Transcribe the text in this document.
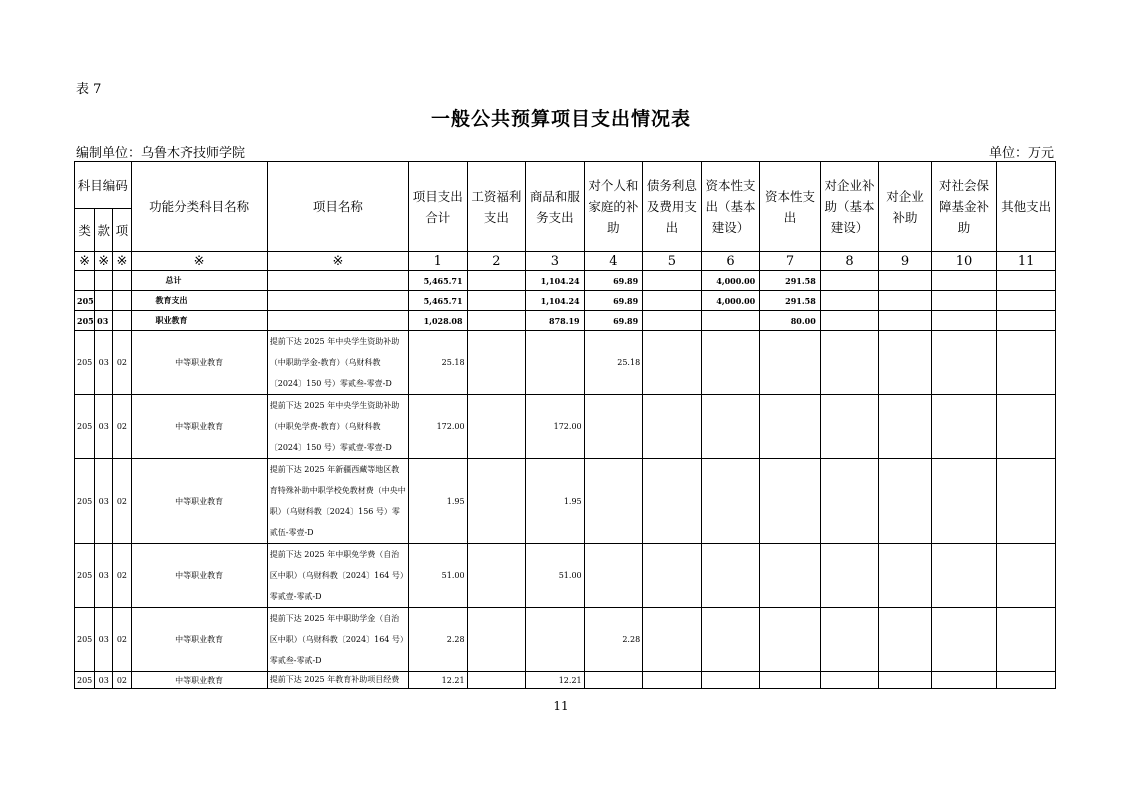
表 7
一般公共预算项目支出情况表
编制单位：乌鲁木齐技师学院	单位：万元
科目编码			功能分类科目名称	项目名称	项目支出合计	工资福利支出	商品和服务支出	对个人和家庭的补助	债务利息及费用支出	资本性支出（基本建设）	资本性支出	对企业补助（基本建设）	对企业补助	对社会保障基金补助	其他支出
类	款	项													
※	※	※	※	※	1	2	3	4	5	6	7	8	9	10	11
			总计		5,465.71		1,104.24	69.89		4,000.00	291.58				
205			教育支出		5,465.71		1,104.24	69.89		4,000.00	291.58				
205	03		职业教育		1,028.08		878.19	69.89			80.00				
205	03	02	中等职业教育	提前下达 2025 年中央学生资助补助（中职助学金-教育）（乌财科教〔2024〕150 号）零贰叁-零壹-D	25.18			25.18							
205	03	02	中等职业教育	提前下达 2025 年中央学生资助补助（中职免学费-教育）（乌财科教〔2024〕150 号）零贰壹-零壹-D	172.00		172.00								
205	03	02	中等职业教育	提前下达 2025 年新疆西藏等地区教育特殊补助中职学校免教材费（中央中职）（乌财科教〔2024〕156 号）零贰伍-零壹-D	1.95		1.95								
205	03	02	中等职业教育	提前下达 2025 年中职免学费（自治区中职）（乌财科教〔2024〕164 号）零贰壹-零贰-D	51.00		51.00								
205	03	02	中等职业教育	提前下达 2025 年中职助学金（自治区中职）（乌财科教〔2024〕164 号）零贰叁-零贰-D	2.28			2.28							
205	03	02	中等职业教育	提前下达 2025 年教育补助项目经费	12.21		12.21								
11
